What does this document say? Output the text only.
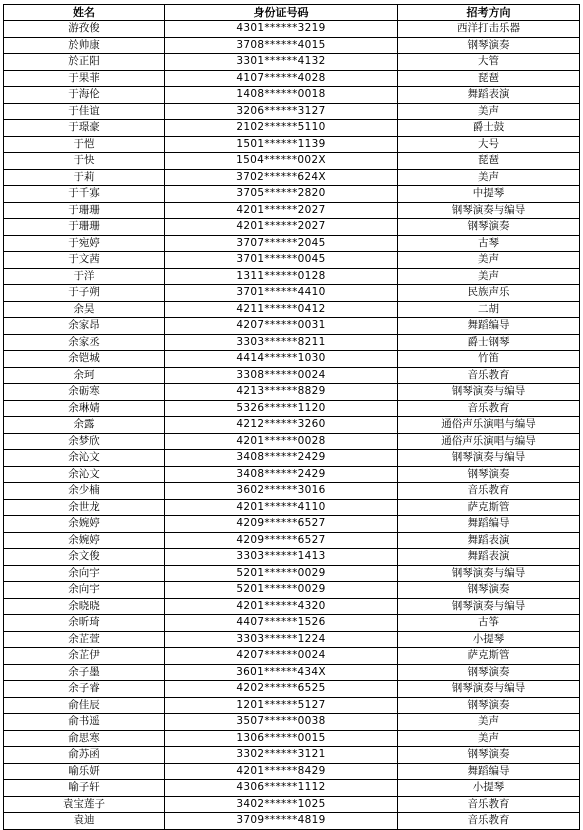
姓名	身份证号码	招考方向
游孜俊	4301******3219	西洋打击乐器
於帅康	3708******4015	钢琴演奏
於正阳	3301******4132	大管
于果菲	4107******4028	琵琶
于海伦	1408******0018	舞蹈表演
于佳谊	3206******3127	美声
于璟豪	2102******5110	爵士鼓
于恺	1501******1139	大号
于快	1504******002X	琵琶
于莉	3702******624X	美声
于千寡	3705******2820	中提琴
于珊珊	4201******2027	钢琴演奏与编导
于珊珊	4201******2027	钢琴演奏
于宛婷	3707******2045	古琴
于文茜	3701******0045	美声
于洋	1311******0128	美声
于子朔	3701******4410	民族声乐
余昊	4211******0412	二胡
余家昂	4207******0031	舞蹈编导
余家丞	3303******8211	爵士钢琴
余铠城	4414******1030	竹笛
余珂	3308******0024	音乐教育
余砺寒	4213******8829	钢琴演奏与编导
余琳婧	5326******1120	音乐教育
余露	4212******3260	通俗声乐演唱与编导
余梦欣	4201******0028	通俗声乐演唱与编导
余沁文	3408******2429	钢琴演奏与编导
余沁文	3408******2429	钢琴演奏
余少楠	3602******3016	音乐教育
余世龙	4201******4110	萨克斯管
余婉婷	4209******6527	舞蹈编导
余婉婷	4209******6527	舞蹈表演
余文俊	3303******1413	舞蹈表演
余向宇	5201******0029	钢琴演奏与编导
余向宇	5201******0029	钢琴演奏
余晓晓	4201******4320	钢琴演奏与编导
余昕琦	4407******1526	古筝
余芷萱	3303******1224	小提琴
余芷伊	4207******0024	萨克斯管
余子墨	3601******434X	钢琴演奏
余子睿	4202******6525	钢琴演奏与编导
俞佳辰	1201******5127	钢琴演奏
俞书遥	3507******0038	美声
俞思寒	1306******0015	美声
俞苏函	3302******3121	钢琴演奏
喻乐妍	4201******8429	舞蹈编导
喻子轩	4306******1112	小提琴
袁宝莲子	3402******1025	音乐教育
袁迪	3709******4819	音乐教育
